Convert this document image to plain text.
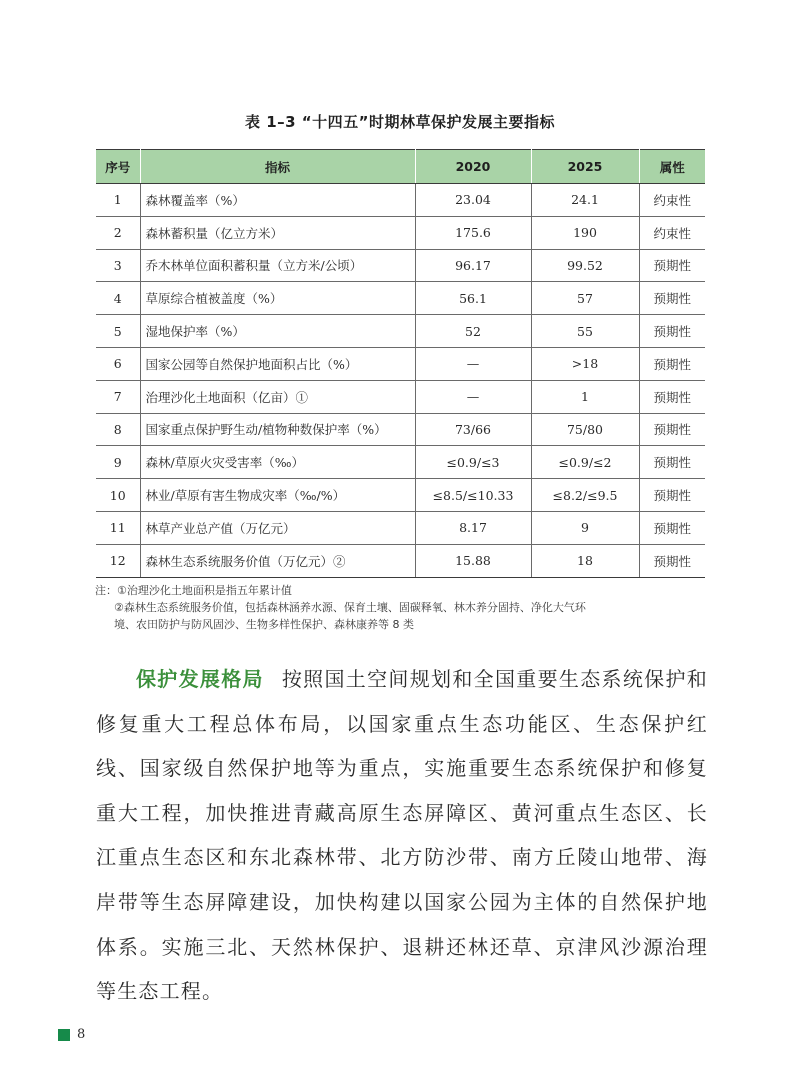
表 1–3 “十四五”时期林草保护发展主要指标
序号	指标	2020	2025	属性
1	森林覆盖率（%）	23.04	24.1	约束性
2	森林蓄积量（亿立方米）	175.6	190	约束性
3	乔木林单位面积蓄积量（立方米/公顷）	96.17	99.52	预期性
4	草原综合植被盖度（%）	56.1	57	预期性
5	湿地保护率（%）	52	55	预期性
6	国家公园等自然保护地面积占比（%）	—	>18	预期性
7	治理沙化土地面积（亿亩）①	—	1	预期性
8	国家重点保护野生动/植物种数保护率（%）	73/66	75/80	预期性
9	森林/草原火灾受害率（‰）	≤0.9/≤3	≤0.9/≤2	预期性
10	林业/草原有害生物成灾率（‰/%）	≤8.5/≤10.33	≤8.2/≤9.5	预期性
11	林草产业总产值（万亿元）	8.17	9	预期性
12	森林生态系统服务价值（万亿元）②	15.88	18	预期性
注：①治理沙化土地面积是指五年累计值
②森林生态系统服务价值，包括森林涵养水源、保育土壤、固碳释氧、林木养分固持、净化大气环
境、农田防护与防风固沙、生物多样性保护、森林康养等 8 类
保护发展格局 按照国土空间规划和全国重要生态系统保护和修复重大工程总体布局，以国家重点生态功能区、生态保护红线、国家级自然保护地等为重点，实施重要生态系统保护和修复重大工程，加快推进青藏高原生态屏障区、黄河重点生态区、长江重点生态区和东北森林带、北方防沙带、南方丘陵山地带、海岸带等生态屏障建设，加快构建以国家公园为主体的自然保护地体系。实施三北、天然林保护、退耕还林还草、京津风沙源治理等生态工程。
8
